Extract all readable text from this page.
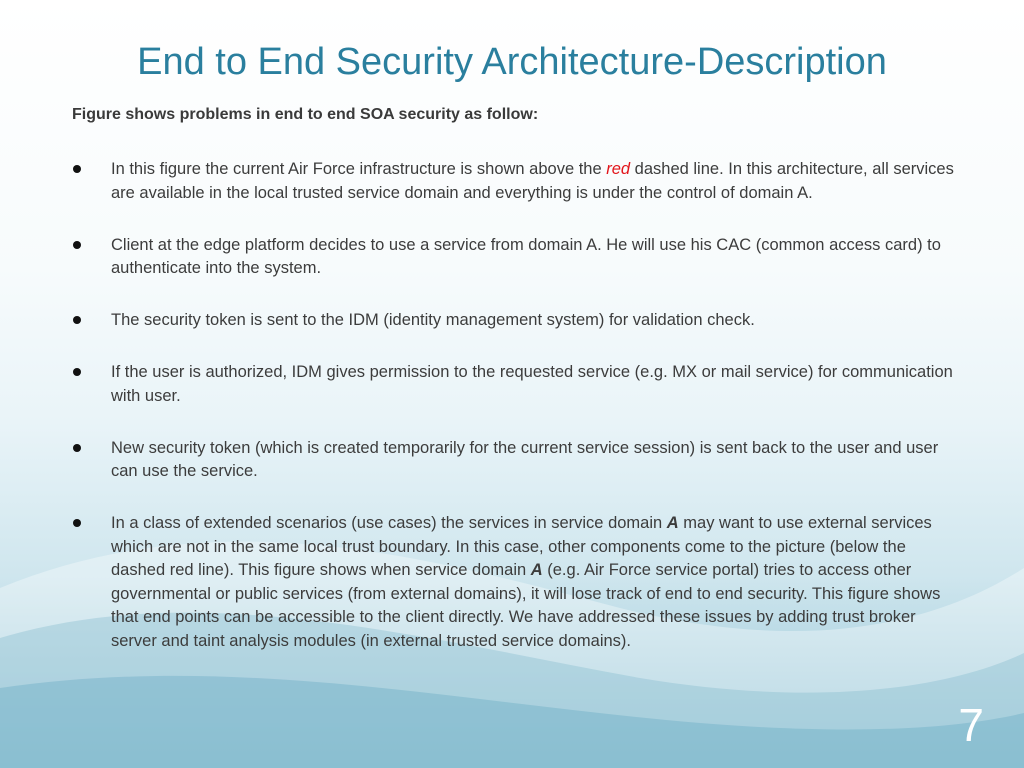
End to End Security Architecture-Description

Figure shows problems in end to end SOA security as follow:

In this figure the current Air Force infrastructure is shown above the red dashed line. In this architecture, all services are available in the local trusted service domain and everything is under the control of domain A.
Client at the edge platform decides to use a service from domain A. He will use his CAC (common access card) to authenticate into the system.
The security token is sent to the IDM (identity management system) for validation check.
If the user is authorized, IDM gives permission to the requested service (e.g. MX or mail service) for communication with user.
New security token (which is created temporarily for the current service session) is sent back to the user and user can use the service.
In a class of extended scenarios (use cases) the services in service domain A may want to use external services which are not in the same local trust boundary. In this case, other components come to the picture (below the dashed red line). This figure shows when service domain A (e.g. Air Force service portal) tries to access other governmental or public services (from external domains), it will lose track of end to end security. This figure shows that end points can be accessible to the client directly. We have addressed these issues by adding trust broker server and taint analysis modules (in external trusted service domains).
7
